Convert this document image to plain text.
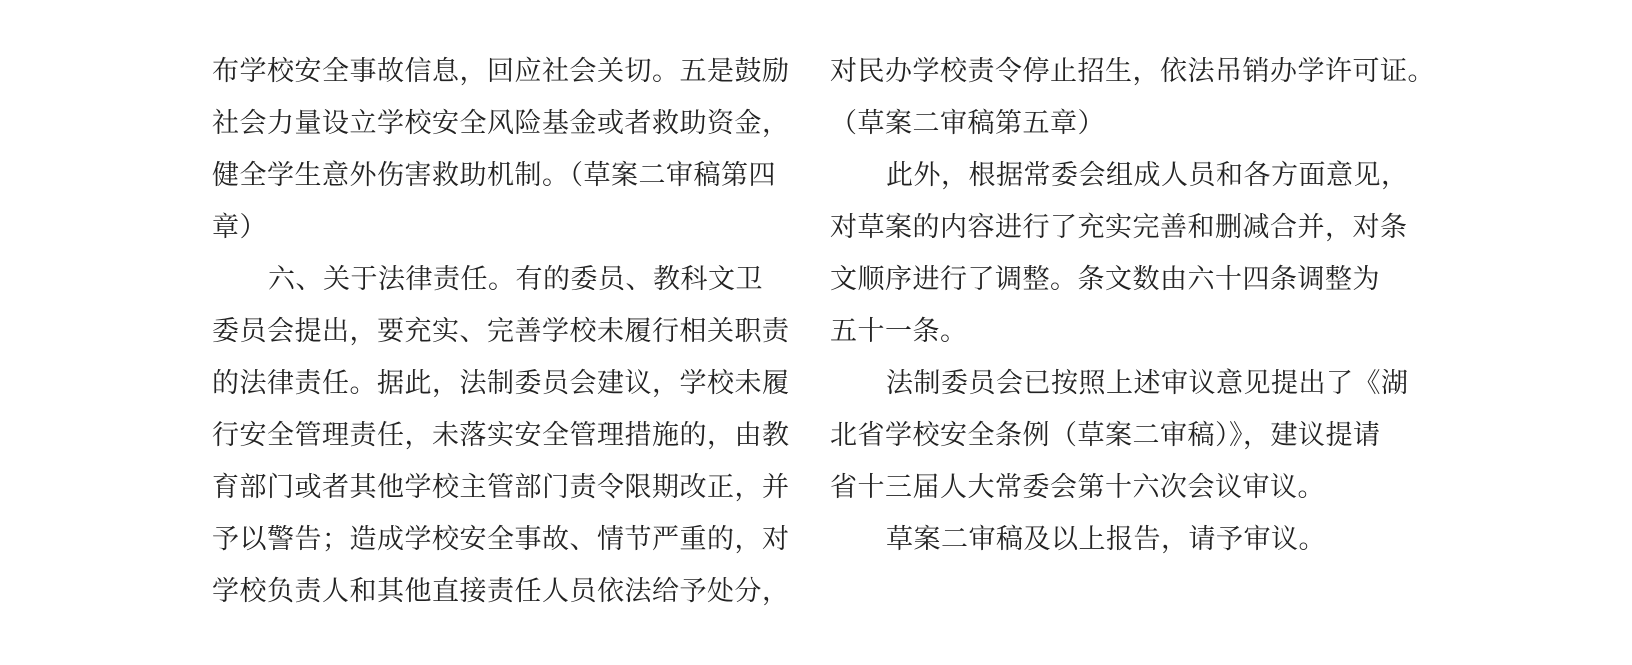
布学校安全事故信息，回应社会关切。五是鼓励
社会力量设立学校安全风险基金或者救助资金，
健全学生意外伤害救助机制。（草案二审稿第四
章）
六、关于法律责任。有的委员、教科文卫
委员会提出，要充实、完善学校未履行相关职责
的法律责任。据此，法制委员会建议，学校未履
行安全管理责任，未落实安全管理措施的，由教
育部门或者其他学校主管部门责令限期改正，并
予以警告；造成学校安全事故、情节严重的，对
学校负责人和其他直接责任人员依法给予处分，
对民办学校责令停止招生，依法吊销办学许可证。
（草案二审稿第五章）
此外，根据常委会组成人员和各方面意见，
对草案的内容进行了充实完善和删减合并，对条
文顺序进行了调整。条文数由六十四条调整为
五十一条。
法制委员会已按照上述审议意见提出了《湖
北省学校安全条例（草案二审稿）》，建议提请
省十三届人大常委会第十六次会议审议。
草案二审稿及以上报告，请予审议。
